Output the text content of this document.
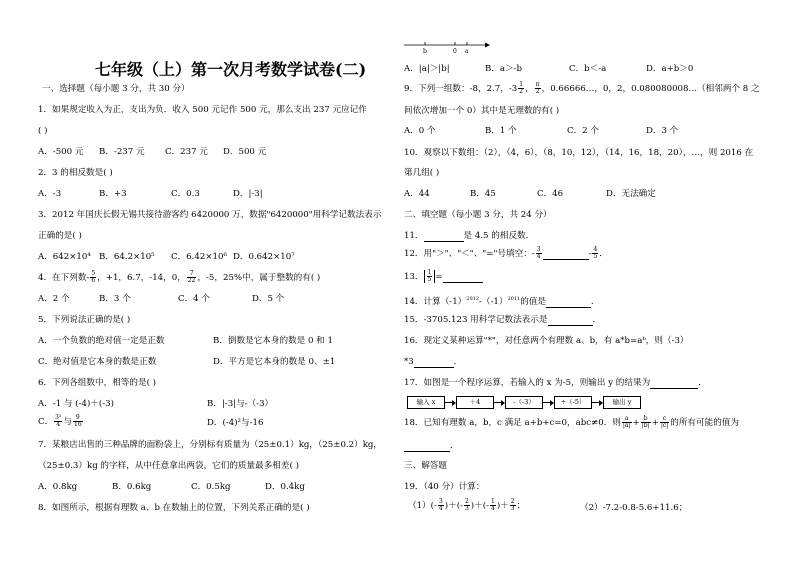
七年级（上）第一次月考数学试卷(二)
一、选择题（每小题 3 分，共 30 分）
1．如果规定收入为正，支出为负．收入 500 元记作 500 元，那么支出 237 元应记作
( )
A．-500 元 B．-237 元 C．237 元 D．500 元
2．3 的相反数是( )
A．-3	B．+3	C．0.3	D．|-3|
3．2012 年国庆长假无锡共接待游客约 6420000 万，数据"6420000"用科学记数法表示
正确的是( )
A．642×10⁴ B．64.2×10⁵ C．6.42×10⁶ D．0.642×10⁷
4．在下列数- $\frac{5}{6}$ ，+1，6.7，-14，0， $\frac{7}{22}$ ，-5，25%中，属于整数的有( )
A．2 个	B．3 个	C．4 个	D．5 个
5．下列说法正确的是( )
A．一个负数的绝对值一定是正数	B．倒数是它本身的数是 0 和 1
C．绝对值是它本身的数是正数	D．平方是它本身的数是 0、±1
6．下列各组数中，相等的是( )
A．-1 与 (-4)＋(-3)	B．|-3|与-（-3）
C． $\frac{\text{3²}}{4}$ 与 $\frac{9}{16}$	D．(-4)²与-16
7．某粮店出售的三种品牌的面粉袋上，分别标有质量为（25±0.1）kg，（25±0.2）kg，
（25±0.3）kg 的字样，从中任意拿出两袋，它们的质量最多相差( )
A．0.8kg	B．0.6kg	C．0.5kg	D．0.4kg
8．如图所示，根据有理数 a、b 在数轴上的位置，下列关系正确的是( )
b	0 a
A．|a|＞|b|	B．a＞-b	C．b＜-a	D．a+b＞0
9．下列一组数：-8，2.7，$-3 \frac{1}{2}$ ， $\frac{\pi}{2}$ ，0.66666…，0，2，0.080080008…（相邻两个 8 之
间依次增加一个 0）其中是无理数的有( )
A．0 个	B．1 个	C．2 个	D．3 个
10．观察以下数组：（2），（4，6），（8，10，12），（14，16，18，20），…，则 2016 在
第几组( )
A．44	B．45	C．46	D．无法确定
二、填空题（每小题 3 分，共 24 分）
11．	是 4.5 的相反数．
12．用"＞"、"＜"、"="号填空：- $\frac{3}{4}$	- $\frac{4}{5}$ ．
13． $\frac{1}{5}$ =
14．计算$(-1)^{2012}-(-1)^{2011}$的值是	．
15．-3705.123 用科学记数法表示是	．
16．现定义某种运算"*"，对任意两个有理数 a、b，有 a*b=aᵇ，则（-3）
*3	．
17．如图是一个程序运算，若输入的 x 为-5，则输出 y 的结果为	．
输入 x	＋4	-（-3）	÷（-5）	输出 y
18．已知有理数 a，b，c 满足 a+b+c=0，abc≠0．则 $\frac{a}{|a|} + \frac{b}{|b|} + \frac{c}{|c|}$ 的所有可能的值为
．
三、解答题
19．（40 分）计算：
$(1)(- \frac{3}{4}$ )＋(- $\frac{2}{3}$ )＋(- $\frac{1}{4}$ )＋ $\frac{2}{3}$ ；	（2）-7.2-0.8-5.6+11.6；
